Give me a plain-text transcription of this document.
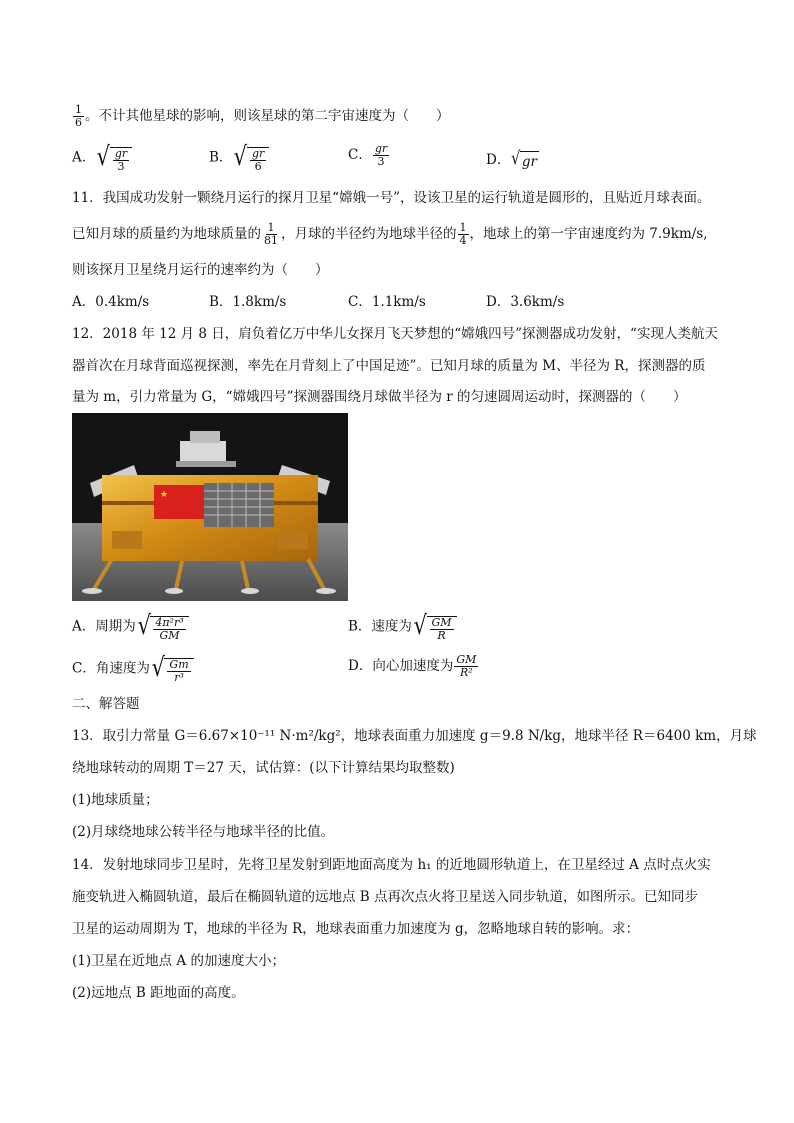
$\frac{1}{6}$ 。不计其他星球的影响，则该星球的第二宇宙速度为（　　）
A． √ $\frac{gr}{3}$	B． √ $\frac{gr}{6}$	C． $\frac{gr}{3}$	D． √ gr
11．我国成功发射一颗绕月运行的探月卫星“嫦娥一号”，设该卫星的运行轨道是圆形的，且贴近月球表面。
已知月球的质量约为地球质量的 $\frac{1}{81}$ ，月球的半径约为地球半径的 $\frac{1}{4}$ ，地球上的第一宇宙速度约为 7.9km/s,
则该探月卫星绕月运行的速率约为（　　）
A．0.4km/s	B．1.8km/s	C．1.1km/s	D．3.6km/s
12．2018 年 12 月 8 日，肩负着亿万中华儿女探月飞天梦想的“嫦娥四号”探测器成功发射，“实现人类航天
器首次在月球背面巡视探测，率先在月背刻上了中国足迹”。已知月球的质量为 M、半径为 R，探测器的质
量为 m，引力常量为 G，“嫦娥四号”探测器围绕月球做半径为 r 的匀速圆周运动时，探测器的（　　）
★
A．周期为 √ $\frac{\text{4π²r³}}{GM}$	B．速度为 √ $\frac{GM}{R}$
C．角速度为 √ $\frac{Gm}{\text{r³}}$	D．向心加速度为 $\frac{GM}{\text{R²}}$
二、解答题
13．取引力常量 G＝6.67×10⁻¹¹ N·m²/kg²，地球表面重力加速度 g＝9.8 N/kg，地球半径 R＝6400 km，月球
绕地球转动的周期 T＝27 天，试估算：(以下计算结果均取整数)
(1)地球质量；
(2)月球绕地球公转半径与地球半径的比值。
14．发射地球同步卫星时，先将卫星发射到距地面高度为 h₁ 的近地圆形轨道上，在卫星经过 A 点时点火实
施变轨进入椭圆轨道，最后在椭圆轨道的远地点 B 点再次点火将卫星送入同步轨道，如图所示。已知同步
卫星的运动周期为 T，地球的半径为 R，地球表面重力加速度为 g，忽略地球自转的影响。求：
(1)卫星在近地点 A 的加速度大小；
(2)远地点 B 距地面的高度。
